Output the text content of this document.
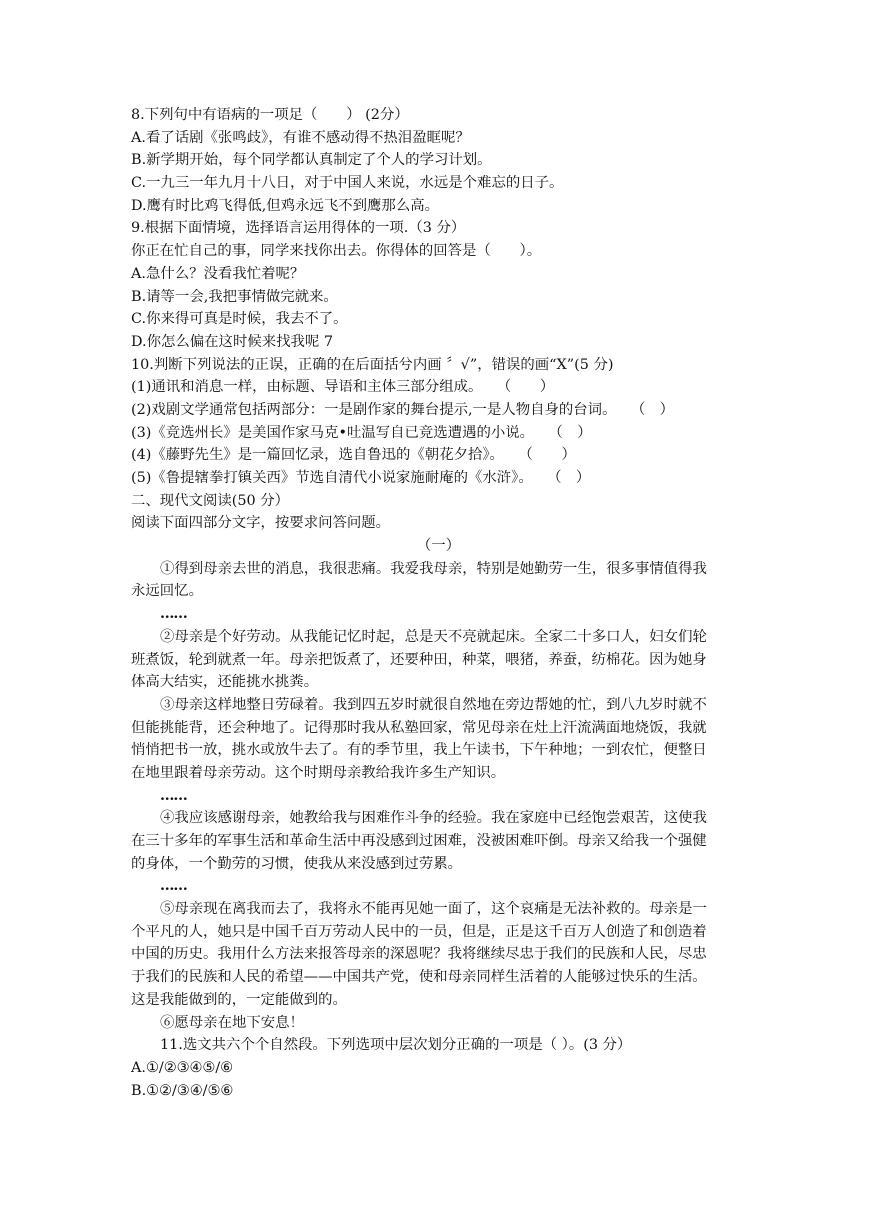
8.下列句中有语病的一项足（　　） (2分）
A.看了话剧《张鸣歧》，有谁不感动得不热泪盈眶呢？
B.新学期开始，每个同学都认真制定了个人的学习计划。
C.一九三一年九月十八日，对于中国人来说，水远是个难忘的日子。
D.鹰有时比鸡飞得低,但鸡永远飞不到鹰那么高。
9.根据下面情境，选择语言运用得体的一项.（3 分）
你正在忙自己的事，同学来找你出去。你得体的回答是（　　）。
A.急什么？没看我忙着呢？
B.请等一会,我把事情做完就来。
C.你来得可真是时候，我去不了。
D.你怎么偏在这时候来找我呢 7
10.判断下列说法的正误，正确的在后面括兮内画 〞√”，错误的画“X”(5 分)
(1)通讯和消息一样，由标题、导语和主体三部分组成。　　（　　）
(2)戏剧文学通常包括两部分：一是剧作家的舞台提示,一是人物自身的台词。　　（　）
(3)《竞选州长》是美国作家马克•吐温写自已竞选遭遇的小说。　　（　）
(4)《藤野先生》是一篇回忆录，选自鲁迅的《朝花夕拾》。　　（　　）
(5)《鲁提辖拳打镇关西》节选自清代小说家施耐庵的《水浒》。　　（　）
二、现代文阅读(50 分）
阅读下面四部分文字，按要求问答问题。
（一）
①得到母亲去世的消息，我很悲痛。我爱我母亲，特别是她勤劳一生，很多事情值得我
永远回忆。
……
②母亲是个好劳动。从我能记忆时起，总是天不亮就起床。全家二十多口人，妇女们轮
班煮饭，轮到就煮一年。母亲把饭煮了，还要种田，种菜，喂猪，养蚕，纺棉花。因为她身
体高大结实，还能挑水挑粪。
③母亲这样地整日劳碌着。我到四五岁时就很自然地在旁边帮她的忙，到八九岁时就不
但能挑能背，还会种地了。记得那时我从私塾回家，常见母亲在灶上汗流满面地烧饭，我就
悄悄把书一放，挑水或放牛去了。有的季节里，我上午读书，下午种地；一到农忙，便整日
在地里跟着母亲劳动。这个时期母亲教给我许多生产知识。
……
④我应该感谢母亲，她教给我与困难作斗争的经验。我在家庭中已经饱尝艰苦，这使我
在三十多年的军事生活和革命生活中再没感到过困难，没被困难吓倒。母亲又给我一个强健
的身体，一个勤劳的习惯，使我从来没感到过劳累。
……
⑤母亲现在离我而去了，我将永不能再见她一面了，这个哀痛是无法补救的。母亲是一
个平凡的人，她只是中国千百万劳动人民中的一员，但是，正是这千百万人创造了和创造着
中国的历史。我用什么方法来报答母亲的深恩呢？我将继续尽忠于我们的民族和人民，尽忠
于我们的民族和人民的希望——中国共产党，使和母亲同样生活着的人能够过快乐的生活。
这是我能做到的，一定能做到的。
⑥愿母亲在地下安息！
11.选文共六个个自然段。下列选项中层次划分正确的一项是（ ）。(3 分）
A.①/②③④⑤/⑥
B.①②/③④/⑤⑥
